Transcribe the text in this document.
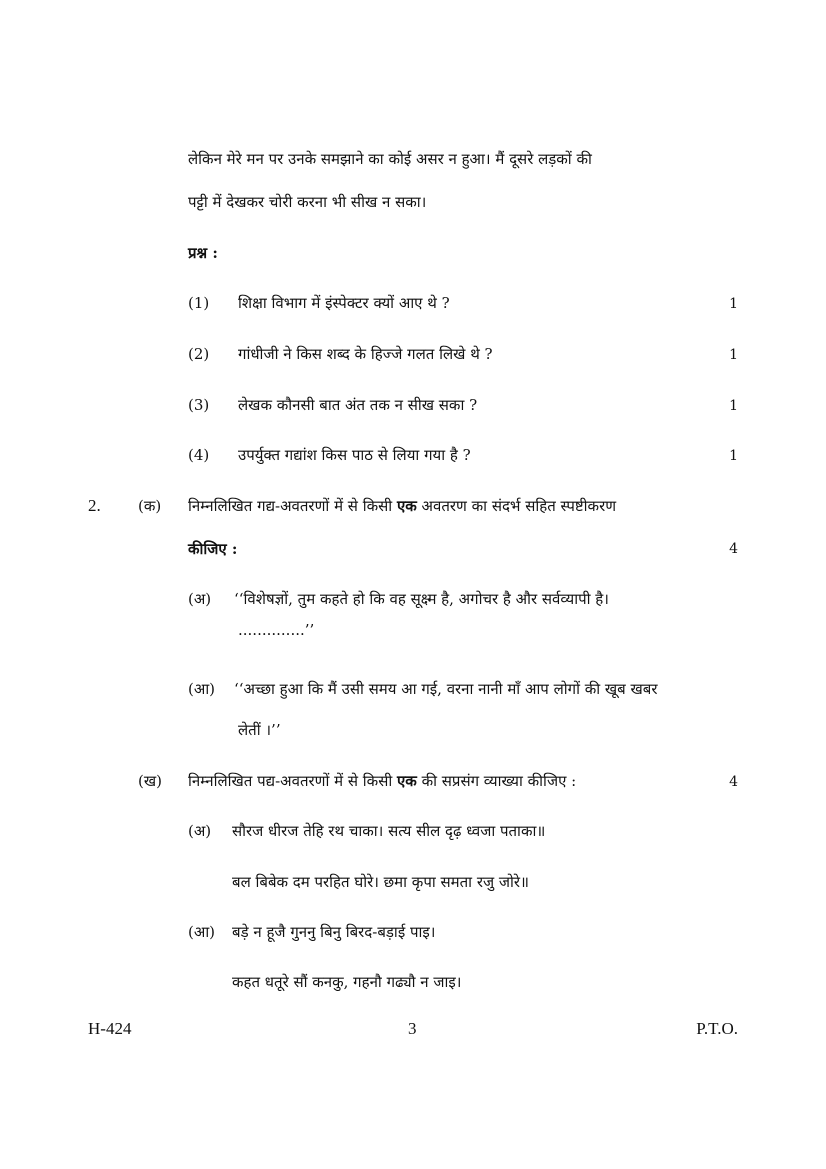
लेकिन मेरे मन पर उनके समझाने का कोई असर न हुआ। मैं दूसरे लड़कों की
पट्टी में देखकर चोरी करना भी सीख न सका।
प्रश्न :
(1) शिक्षा विभाग में इंस्पेक्टर क्यों आए थे ?	1
(2) गांधीजी ने किस शब्द के हिज्जे गलत लिखे थे ?	1
(3) लेखक कौनसी बात अंत तक न सीख सका ?	1
(4) उपर्युक्त गद्यांश किस पाठ से लिया गया है ?	1
2. (क) निम्नलिखित गद्य-अवतरणों में से किसी एक अवतरण का संदर्भ सहित स्पष्टीकरण
कीजिए :	4
(अ) ‘‘विशेषज्ञों, तुम कहते हो कि वह सूक्ष्म है, अगोचर है और सर्वव्यापी है।
..............’’
(आ) ‘‘अच्छा हुआ कि मैं उसी समय आ गई, वरना नानी माँ आप लोगों की खूब खबर
लेतीं ।’’
(ख) निम्नलिखित पद्य-अवतरणों में से किसी एक की सप्रसंग व्याख्या कीजिए :	4
(अ) सौरज धीरज तेहि रथ चाका। सत्य सील दृढ़ ध्वजा पताका॥
बल बिबेक दम परहित घोरे। छमा कृपा समता रजु जोरे॥
(आ) बड़े न हूजै गुननु बिनु बिरद-बड़ाई पाइ।
कहत धतूरे सौं कनकु, गहनौ गढ्यौ न जाइ।
H-424	3	P.T.O.
